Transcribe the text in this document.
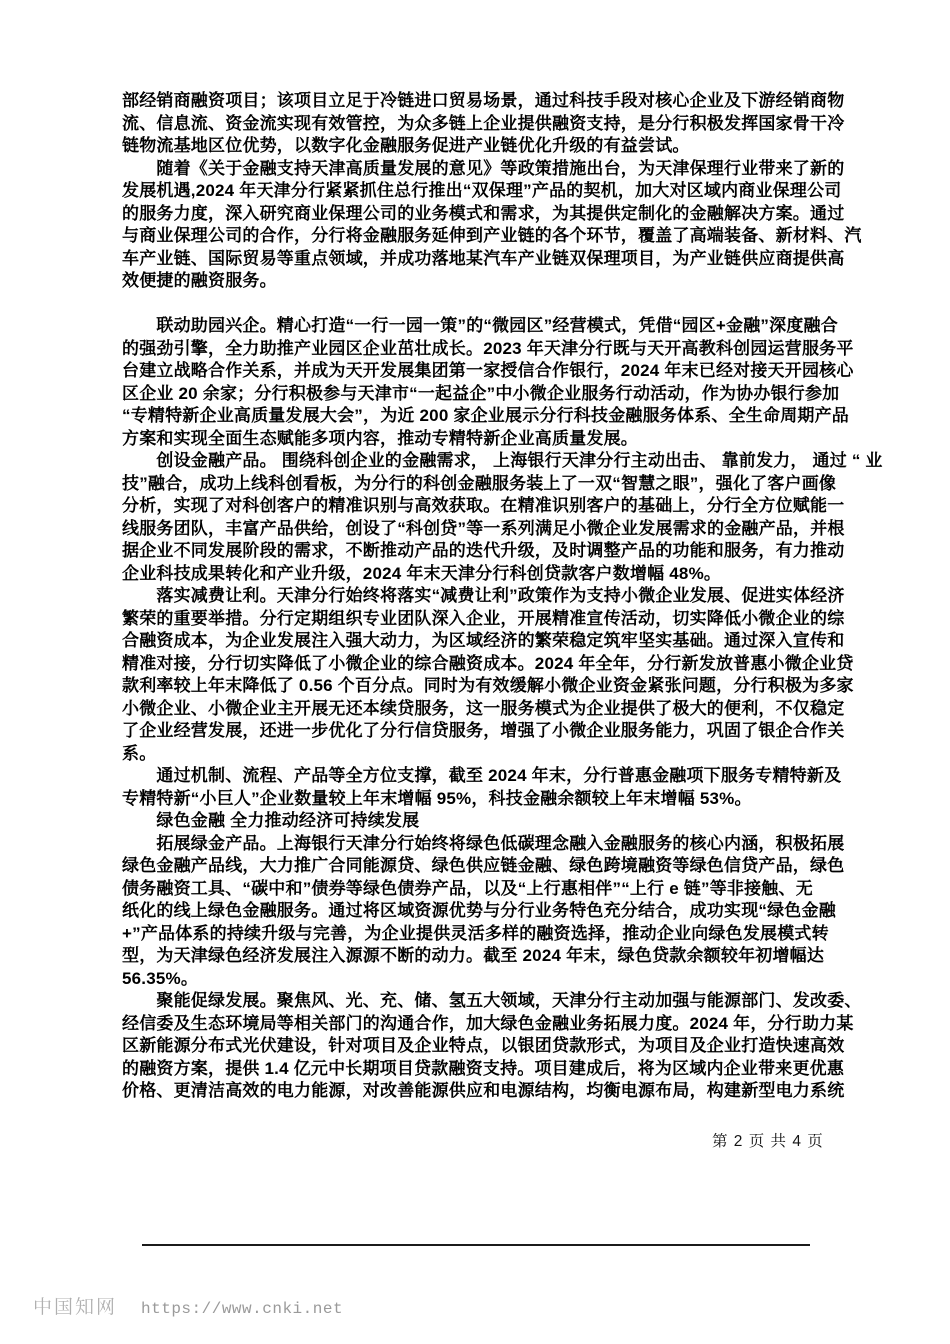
部经销商融资项目；该项目立足于冷链进口贸易场景，通过科技手段对核心企业及下游经销商物
流、信息流、资金流实现有效管控，为众多链上企业提供融资支持，是分行积极发挥国家骨干冷
链物流基地区位优势，以数字化金融服务促进产业链优化升级的有益尝试。
　　随着《关于金融支持天津高质量发展的意见》等政策措施出台，为天津保理行业带来了新的
发展机遇,2024 年天津分行紧紧抓住总行推出“双保理”产品的契机，加大对区域内商业保理公司
的服务力度，深入研究商业保理公司的业务模式和需求，为其提供定制化的金融解决方案。通过
与商业保理公司的合作，分行将金融服务延伸到产业链的各个环节，覆盖了高端装备、新材料、汽
车产业链、国际贸易等重点领域，并成功落地某汽车产业链双保理项目，为产业链供应商提供高
效便捷的融资服务。

　　联动助园兴企。精心打造“一行一园一策”的“微园区”经营模式，凭借“园区+金融”深度融合
的强劲引擎，全力助推产业园区企业茁壮成长。2023 年天津分行既与天开高教科创园运营服务平
台建立战略合作关系，并成为天开发展集团第一家授信合作银行，2024 年末已经对接天开园核心
区企业 20 余家；分行积极参与天津市“一起益企”中小微企业服务行动活动，作为协办银行参加
“专精特新企业高质量发展大会”，为近 200 家企业展示分行科技金融服务体系、全生命周期产品
方案和实现全面生态赋能多项内容，推动专精特新企业高质量发展。
　　创设金融产品。 围绕科创企业的金融需求， 上海银行天津分行主动出击、 靠前发力， 通过 “ 业
技”融合，成功上线科创看板，为分行的科创金融服务装上了一双“智慧之眼”，强化了客户画像
分析，实现了对科创客户的精准识别与高效获取。在精准识别客户的基础上，分行全方位赋能一
线服务团队，丰富产品供给，创设了“科创贷”等一系列满足小微企业发展需求的金融产品，并根
据企业不同发展阶段的需求，不断推动产品的迭代升级，及时调整产品的功能和服务，有力推动
企业科技成果转化和产业升级，2024 年末天津分行科创贷款客户数增幅 48%。
　　落实减费让利。天津分行始终将落实“减费让利”政策作为支持小微企业发展、促进实体经济
繁荣的重要举措。分行定期组织专业团队深入企业，开展精准宣传活动，切实降低小微企业的综
合融资成本，为企业发展注入强大动力，为区域经济的繁荣稳定筑牢坚实基础。通过深入宣传和
精准对接，分行切实降低了小微企业的综合融资成本。2024 年全年，分行新发放普惠小微企业贷
款利率较上年末降低了 0.56 个百分点。同时为有效缓解小微企业资金紧张问题，分行积极为多家
小微企业、小微企业主开展无还本续贷服务，这一服务模式为企业提供了极大的便利，不仅稳定
了企业经营发展，还进一步优化了分行信贷服务，增强了小微企业服务能力，巩固了银企合作关
系。
　　通过机制、流程、产品等全方位支撑，截至 2024 年末，分行普惠金融项下服务专精特新及
专精特新“小巨人”企业数量较上年末增幅 95%，科技金融余额较上年末增幅 53%。
　　绿色金融 全力推动经济可持续发展
　　拓展绿金产品。上海银行天津分行始终将绿色低碳理念融入金融服务的核心内涵，积极拓展
绿色金融产品线，大力推广合同能源贷、绿色供应链金融、绿色跨境融资等绿色信贷产品，绿色
债务融资工具、“碳中和”债券等绿色债券产品，以及“上行惠相伴”“上行 e 链”等非接触、无
纸化的线上绿色金融服务。通过将区域资源优势与分行业务特色充分结合，成功实现“绿色金融
+”产品体系的持续升级与完善，为企业提供灵活多样的融资选择，推动企业向绿色发展模式转
型，为天津绿色经济发展注入源源不断的动力。截至 2024 年末，绿色贷款余额较年初增幅达
56.35%。
　　聚能促绿发展。聚焦风、光、充、储、氢五大领域，天津分行主动加强与能源部门、发改委、
经信委及生态环境局等相关部门的沟通合作，加大绿色金融业务拓展力度。2024 年，分行助力某
区新能源分布式光伏建设，针对项目及企业特点，以银团贷款形式，为项目及企业打造快速高效
的融资方案，提供 1.4 亿元中长期项目贷款融资支持。项目建成后，将为区域内企业带来更优惠
价格、更清洁高效的电力能源，对改善能源供应和电源结构，均衡电源布局，构建新型电力系统
第 2 页 共 4 页
中国知网 https://www.cnki.net
